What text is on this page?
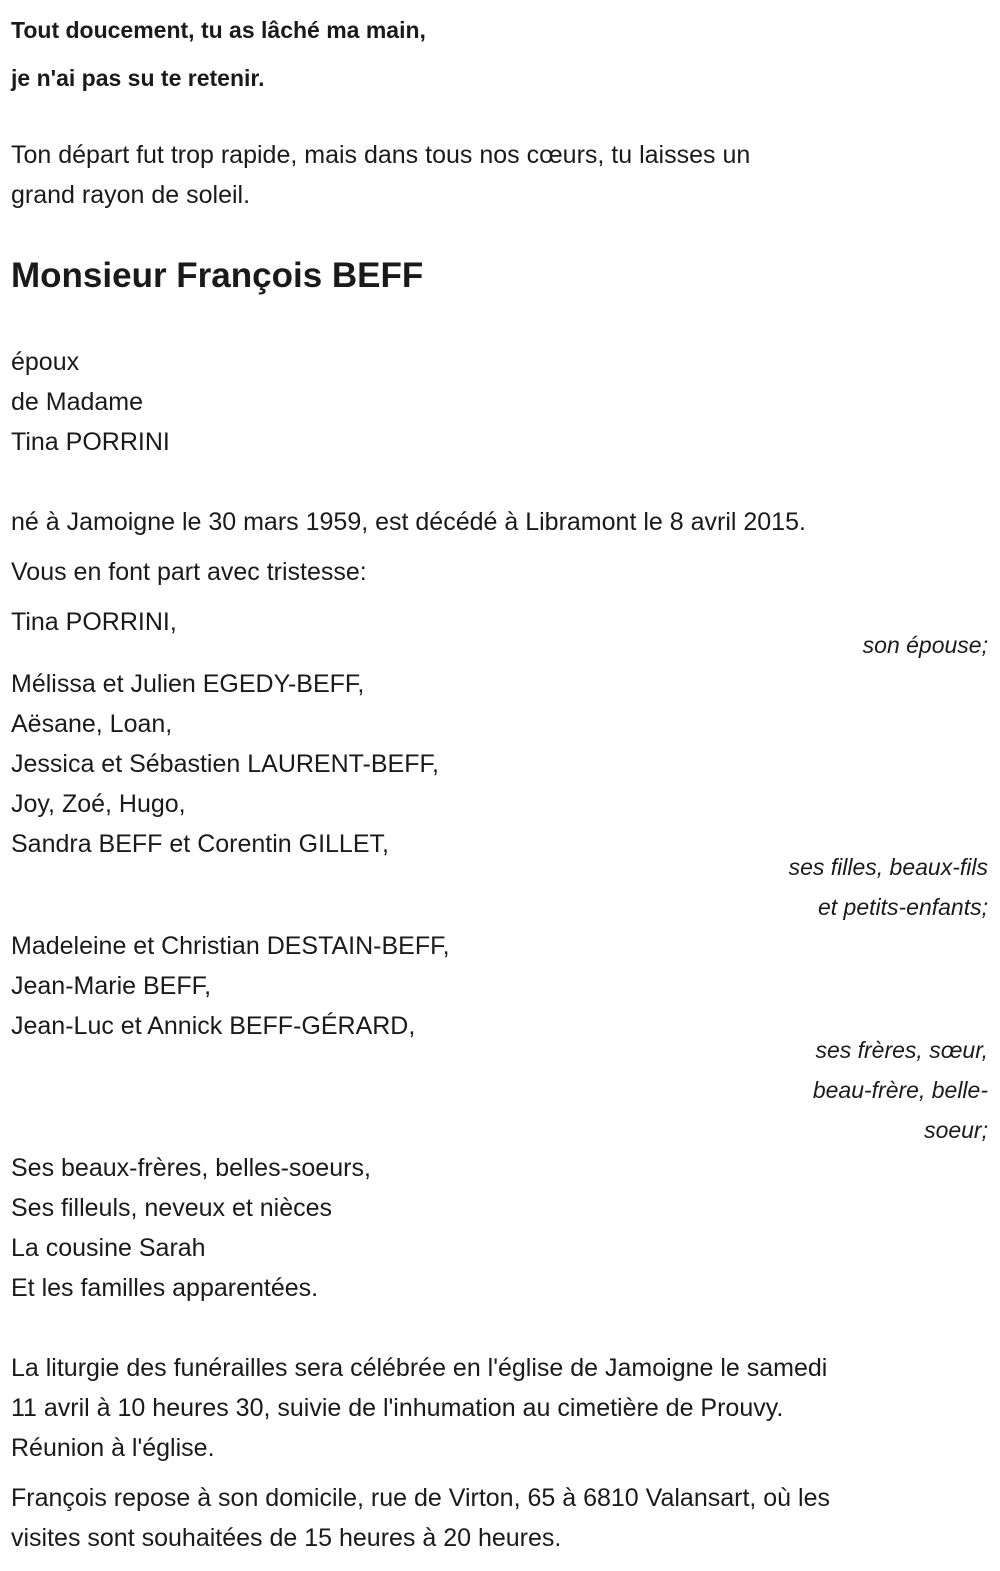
Tout doucement, tu as lâché ma main,
je n'ai pas su te retenir.
Ton départ fut trop rapide, mais dans tous nos cœurs, tu laisses un
grand rayon de soleil.
Monsieur François BEFF
époux
de Madame
Tina PORRINI
né à Jamoigne le 30 mars 1959, est décédé à Libramont le 8 avril 2015.
Vous en font part avec tristesse:
Tina PORRINI,
son épouse;
Mélissa et Julien EGEDY-BEFF,
Aësane, Loan,
Jessica et Sébastien LAURENT-BEFF,
Joy, Zoé, Hugo,
Sandra BEFF et Corentin GILLET,
ses filles, beaux-fils
et petits-enfants;
Madeleine et Christian DESTAIN-BEFF,
Jean-Marie BEFF,
Jean-Luc et Annick BEFF-GÉRARD,
ses frères, sœur,
beau-frère, belle-
soeur;
Ses beaux-frères, belles-soeurs,
Ses filleuls, neveux et nièces
La cousine Sarah
Et les familles apparentées.
La liturgie des funérailles sera célébrée en l'église de Jamoigne le samedi
11 avril à 10 heures 30, suivie de l'inhumation au cimetière de Prouvy.
Réunion à l'église.
François repose à son domicile, rue de Virton, 65 à 6810 Valansart, où les
visites sont souhaitées de 15 heures à 20 heures.
